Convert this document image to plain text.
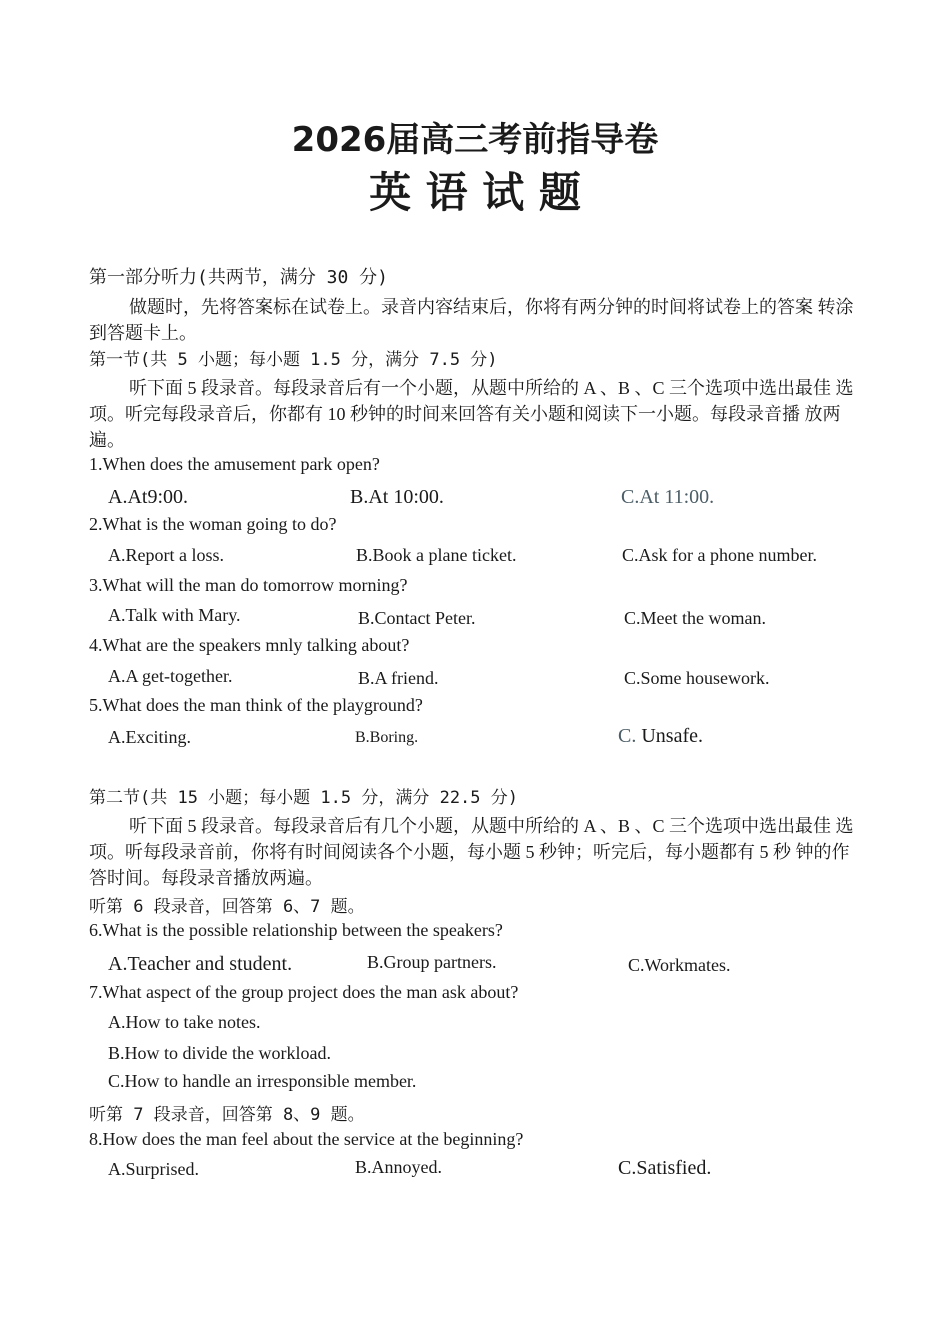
2026届高三考前指导卷
英 语 试 题
第一部分听力(共两节，满分 30 分)
做题时，先将答案标在试卷上。录音内容结束后，你将有两分钟的时间将试卷上的答案 转涂到答题卡上。
第一节(共 5 小题；每小题 1.5 分，满分 7.5 分)
听下面 5 段录音。每段录音后有一个小题，从题中所给的 A 、B 、C 三个选项中选出最佳 选项。听完每段录音后，你都有 10 秒钟的时间来回答有关小题和阅读下一小题。每段录音播 放两遍。
1.When does the amusement park open?
A.At9:00.	B.At 10:00.	C.At 11:00.
2.What is the woman going to do?
A.Report a loss.	B.Book a plane ticket.	C.Ask for a phone number.
3.What will the man do tomorrow morning?
A.Talk with Mary.	B.Contact Peter.	C.Meet the woman.
4.What are the speakers mnly talking about?
A.A get-together.	B.A friend.	C.Some housework.
5.What does the man think of the playground?
A.Exciting.	B.Boring.	C. Unsafe.
第二节(共 15 小题；每小题 1.5 分，满分 22.5 分)
听下面 5 段录音。每段录音后有几个小题，从题中所给的 A 、B 、C 三个选项中选出最佳 选项。听每段录音前，你将有时间阅读各个小题，每小题 5 秒钟；听完后，每小题都有 5 秒 钟的作答时间。每段录音播放两遍。
听第 6 段录音，回答第 6、7 题。
6.What is the possible relationship between the speakers?
A.Teacher and student.	B.Group partners.	C.Workmates.
7.What aspect of the group project does the man ask about?
A.How to take notes.
B.How to divide the workload.
C.How to handle an irresponsible member.
听第 7 段录音，回答第 8、9 题。
8.How does the man feel about the service at the beginning?
A.Surprised.	B.Annoyed.	C.Satisfied.
